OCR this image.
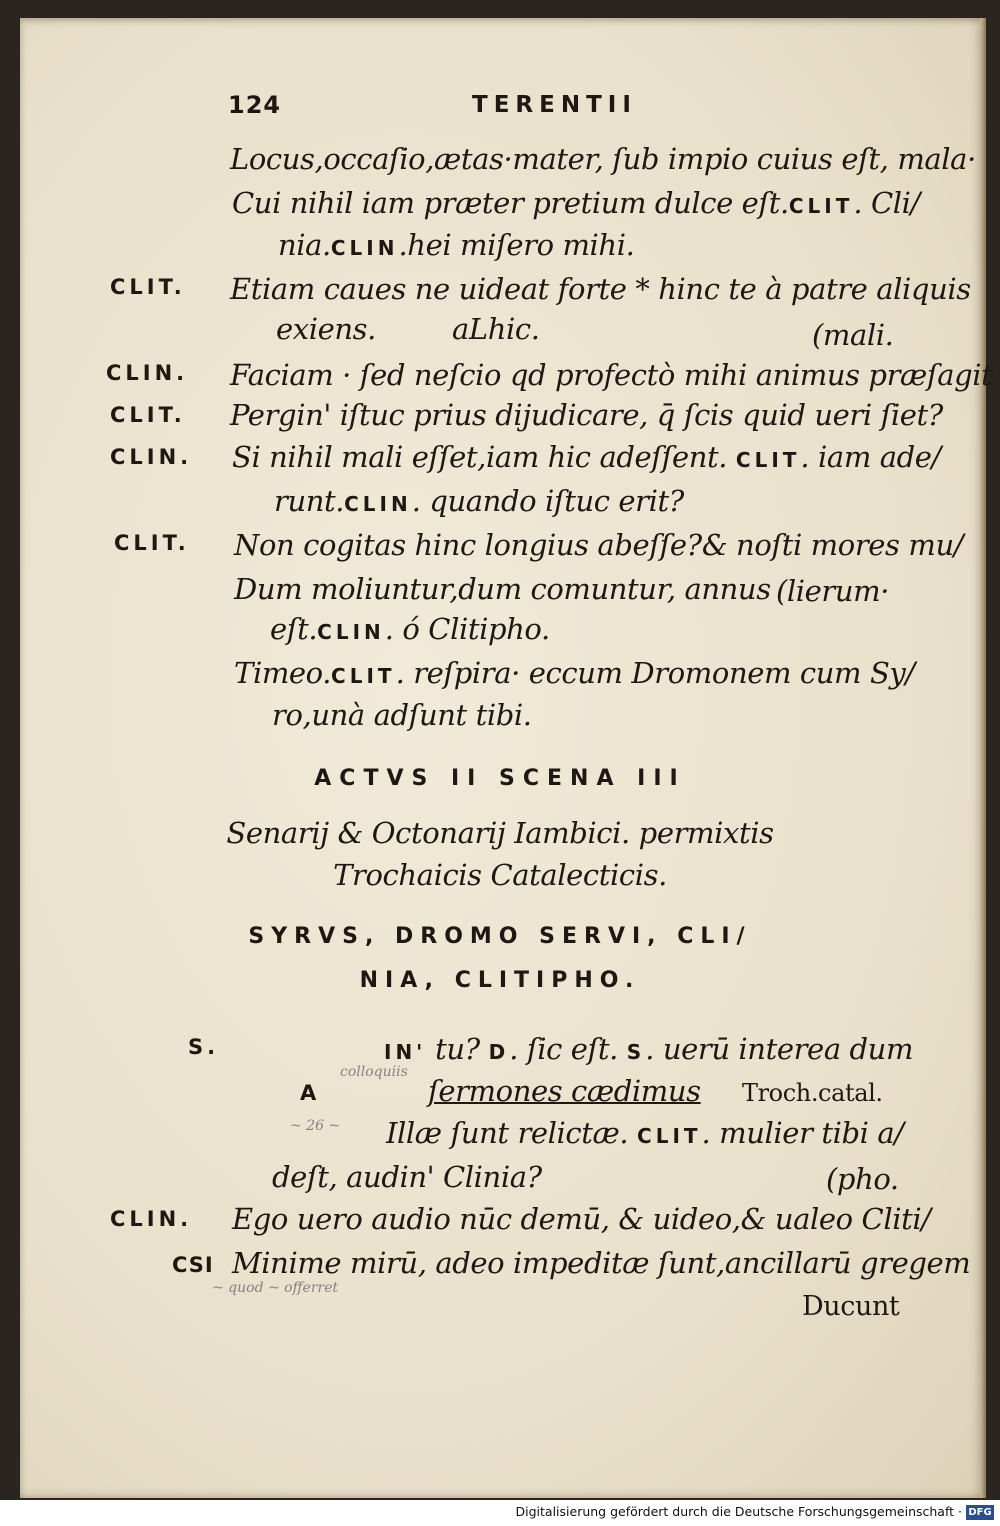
124	TERENTII
Locus,occaſio,ætas·mater, ſub impio cuius eſt, mala·
Cui nihil iam præter pretium dulce eſt.CLIT. Cli/
nia.CLIN.hei miſero mihi.
CLIT. Etiam caues ne uideat forte * hinc te à patre aliquis
exiens.	aLhic.	(mali.
CLIN. Faciam · ſed neſcio qd profectò mihi animus præſagit
CLIT. Pergin' iſtuc prius dijudicare, q̄ ſcis quid ueri ſiet?
CLIN. Si nihil mali eſſet,iam hic adeſſent. CLIT. iam ade/
runt.CLIN. quando iſtuc erit?
CLIT. Non cogitas hinc longius abeſſe?& noſti mores mu/
Dum moliuntur,dum comuntur, annus (lierum·
eſt.CLIN. ó Clitipho.
Timeo.CLIT. reſpira· eccum Dromonem cum Sy/
ro,unà adſunt tibi.
ACTVS II SCENA III
Senarij & Octonarij Iambici. permixtis
Trochaicis Catalecticis.
SYRVS, DROMO SERVI, CLI/
NIA, CLITIPHO.
S.	IN' tu? D. ſic eſt. S. uerū interea dum
A	ſermones cædimus Troch.catal.
Illæ ſunt relictæ. CLIT. mulier tibi a/
deſt, audin' Clinia?	(pho.
CLIN. Ego uero audio nūc demū, & uideo,& ualeo Cliti/
CSI Minime mirū, adeo impeditæ ſunt,ancillarū gregem
Ducunt
colloquiis
~ 26 ~
~ quod ~ offerret
Digitalisierung gefördert durch die Deutsche Forschungsgemeinschaft · DFG
